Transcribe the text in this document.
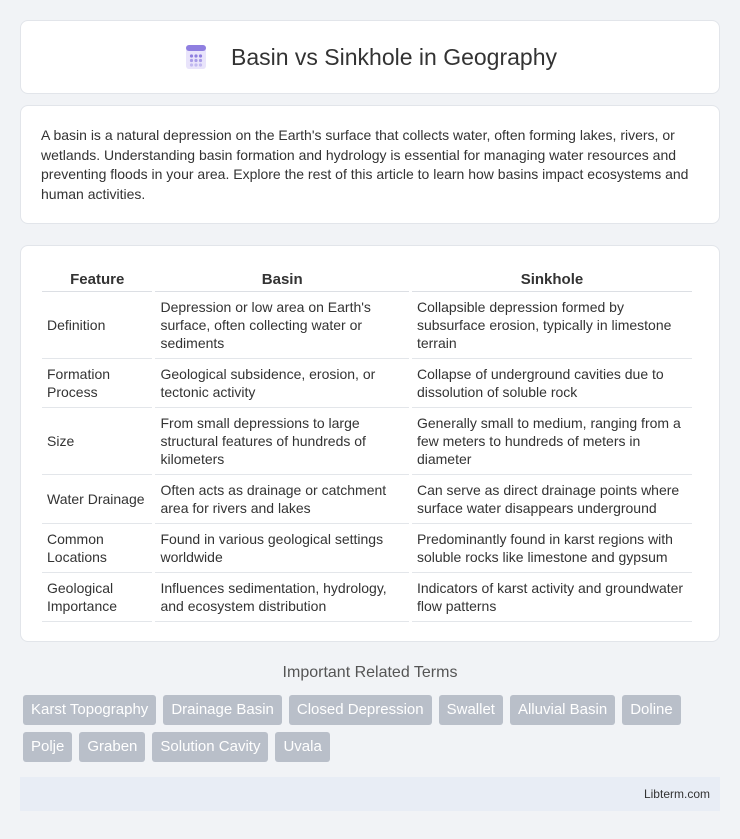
Basin vs Sinkhole in Geography

A basin is a natural depression on the Earth's surface that collects water, often forming lakes, rivers, or wetlands. Understanding basin formation and hydrology is essential for managing water resources and preventing floods in your area. Explore the rest of this article to learn how basins impact ecosystems and human activities.

Feature	Basin	Sinkhole
Definition	Depression or low area on Earth's surface, often collecting water or sediments	Collapsible depression formed by subsurface erosion, typically in limestone terrain
Formation Process	Geological subsidence, erosion, or tectonic activity	Collapse of underground cavities due to dissolution of soluble rock
Size	From small depressions to large structural features of hundreds of kilometers	Generally small to medium, ranging from a few meters to hundreds of meters in diameter
Water Drainage	Often acts as drainage or catchment area for rivers and lakes	Can serve as direct drainage points where surface water disappears underground
Common Locations	Found in various geological settings worldwide	Predominantly found in karst regions with soluble rocks like limestone and gypsum
Geological Importance	Influences sedimentation, hydrology, and ecosystem distribution	Indicators of karst activity and groundwater flow patterns
Important Related Terms
Karst Topography	Drainage Basin	Closed Depression	Swallet	Alluvial Basin	Doline
Polje	Graben	Solution Cavity	Uvala
Libterm.com
